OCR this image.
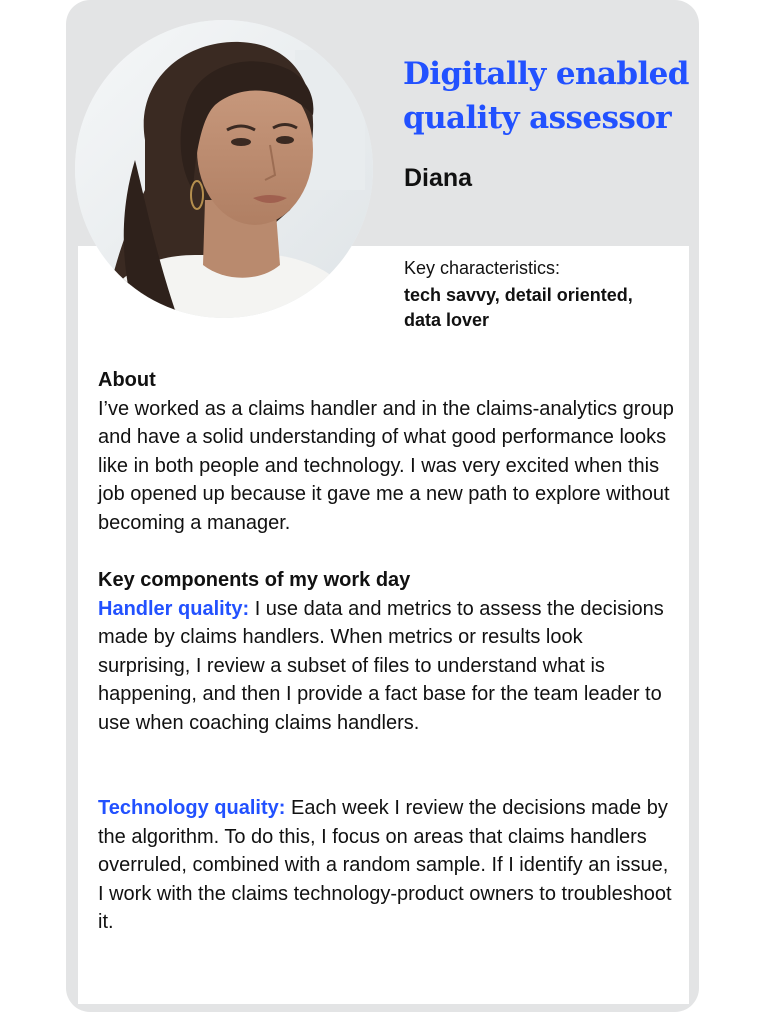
Digitally enabled
quality assessor
Diana
Key characteristics:
tech savvy, detail oriented,
data lover
About
I’ve worked as a claims handler and in the claims-analytics group and have a solid understanding of what good performance looks like in both people and technology. I was very excited when this job opened up because it gave me a new path to explore without becoming a manager.
Key components of my work day
Handler quality: I use data and metrics to assess the decisions made by claims handlers. When metrics or results look surprising, I review a subset of files to understand what is happening, and then I provide a fact base for the team leader to use when coaching claims handlers.
Technology quality: Each week I review the decisions made by the algorithm. To do this, I focus on areas that claims handlers overruled, combined with a random sample. If I identify an issue, I work with the claims technology-product owners to troubleshoot it.
